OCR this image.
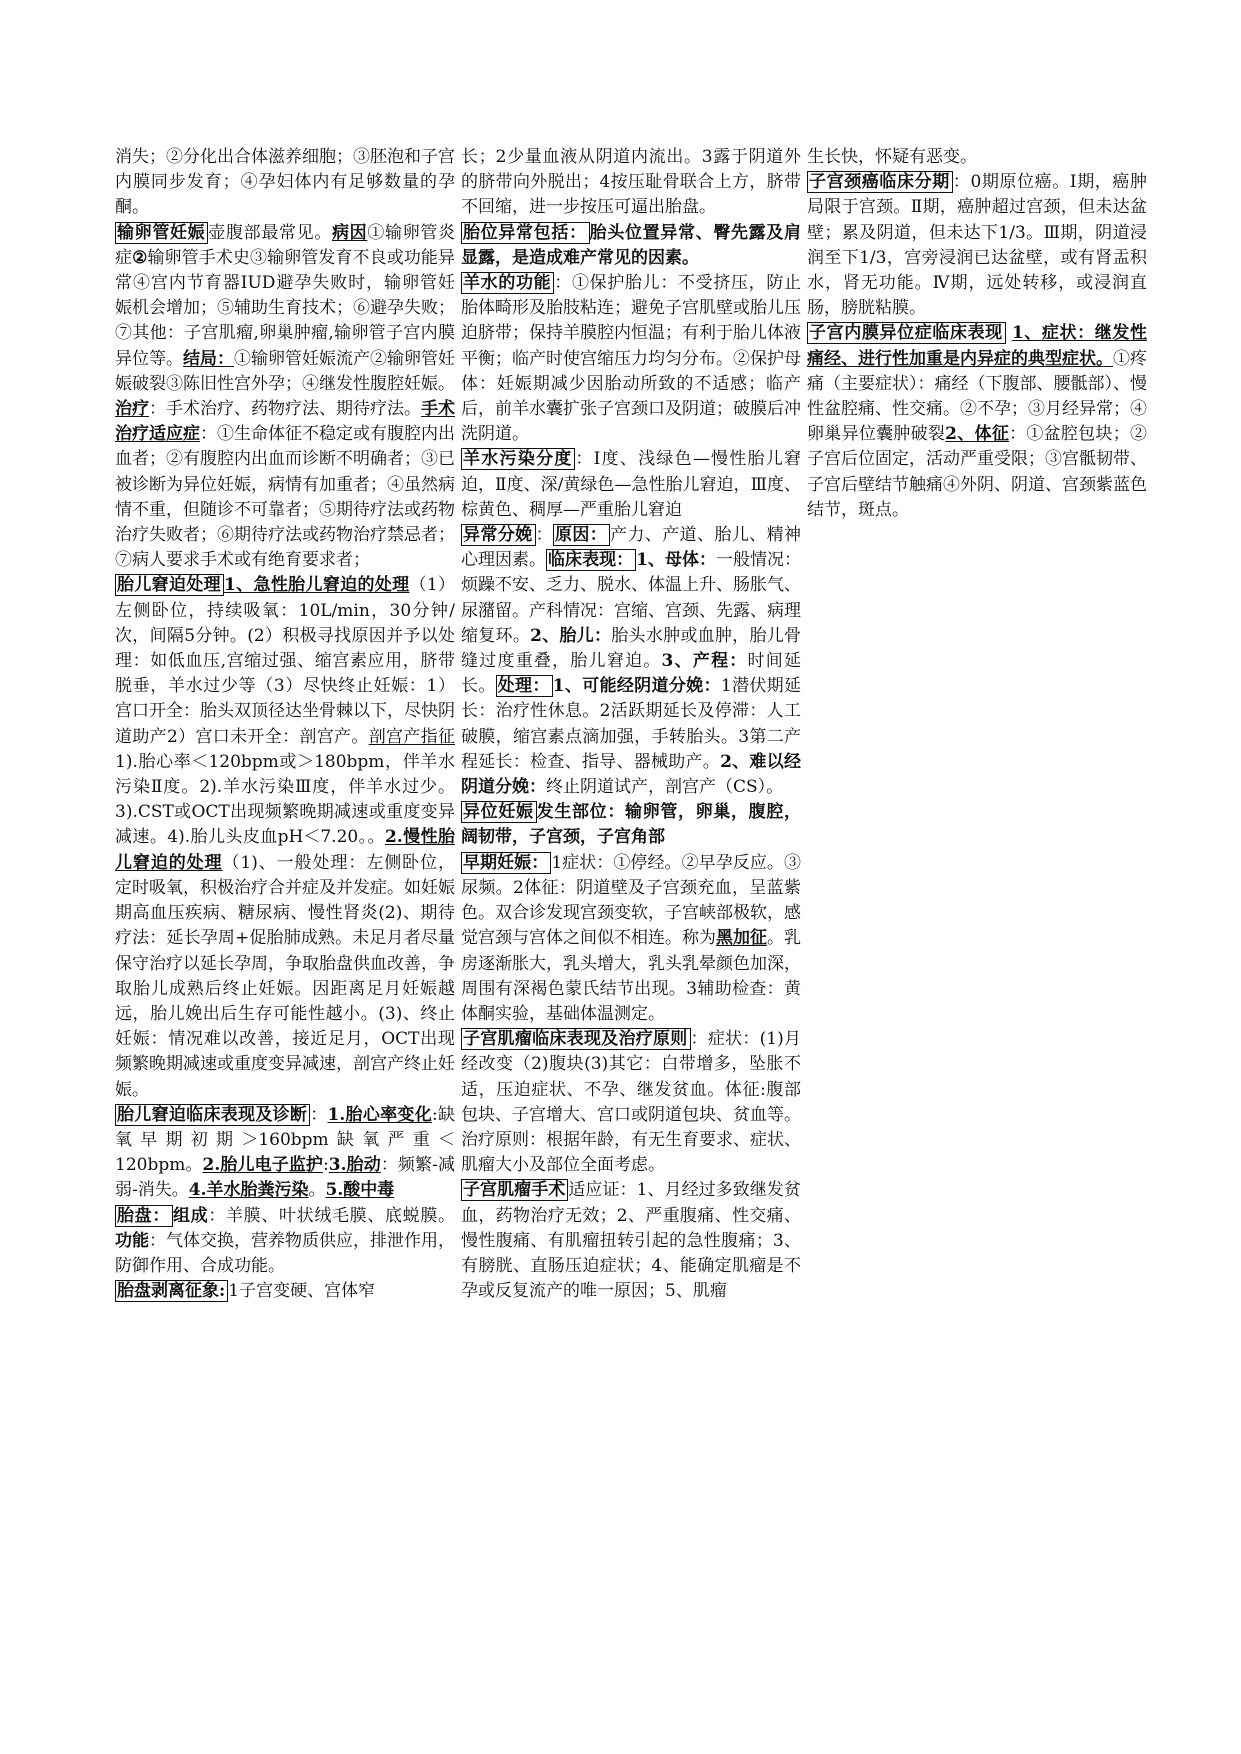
消失；②分化出合体滋养细胞；③胚泡和子宫内膜同步发育；④孕妇体内有足够数量的孕酮。

输卵管妊娠 壶腹部最常见。病因①输卵管炎症②输卵管手术史③输卵管发育不良或功能异常④宫内节育器IUD避孕失败时，输卵管妊娠机会增加；⑤辅助生育技术；⑥避孕失败；⑦其他：子宫肌瘤,卵巢肿瘤,输卵管子宫内膜异位等。结局：①输卵管妊娠流产②输卵管妊娠破裂③陈旧性宫外孕；④继发性腹腔妊娠。治疗：手术治疗、药物疗法、期待疗法。手术治疗适应症：①生命体征不稳定或有腹腔内出血者；②有腹腔内出血而诊断不明确者；③已被诊断为异位妊娠，病情有加重者；④虽然病情不重，但随诊不可靠者；⑤期待疗法或药物治疗失败者；⑥期待疗法或药物治疗禁忌者；⑦病人要求手术或有绝育要求者；

胎儿窘迫处理 1、急性胎儿窘迫的处理（1）左侧卧位，持续吸氧：10L/min，30分钟/次，间隔5分钟。(2）积极寻找原因并予以处理：如低血压,宫缩过强、缩宫素应用，脐带脱垂，羊水过少等（3）尽快终止妊娠：1）宫口开全：胎头双顶径达坐骨棘以下，尽快阴道助产2）宫口未开全：剖宫产。剖宫产指征1).胎心率＜120bpm或＞180bpm，伴羊水污染Ⅱ度。2).羊水污染Ⅲ度，伴羊水过少。3).CST或OCT出现频繁晚期减速或重度变异减速。4).胎儿头皮血pH＜7.20。。2.慢性胎儿窘迫的处理（1)、一般处理：左侧卧位，定时吸氧，积极治疗合并症及并发症。如妊娠期高血压疾病、糖尿病、慢性肾炎(2)、期待疗法：延长孕周+促胎肺成熟。未足月者尽量保守治疗以延长孕周，争取胎盘供血改善，争取胎儿成熟后终止妊娠。因距离足月妊娠越远，胎儿娩出后生存可能性越小。(3)、终止妊娠：情况难以改善，接近足月，OCT出现频繁晚期减速或重度变异减速，剖宫产终止妊娠。

胎儿窘迫临床表现及诊断 ：1.胎心率变化:缺氧早期初期＞160bpm缺氧严重＜120bpm。2.胎儿电子监护:3.胎动：频繁-减弱-消失。4.羊水胎粪污染。5.酸中毒

胎盘： 组成：羊膜、叶状绒毛膜、底蜕膜。功能：气体交换，营养物质供应，排泄作用，防御作用、合成功能。

胎盘剥离征象: 1子宫变硬、宫体窄

长；2少量血液从阴道内流出。3露于阴道外的脐带向外脱出；4按压耻骨联合上方，脐带不回缩，进一步按压可逼出胎盘。

胎位异常包括： 胎头位置异常、臀先露及肩显露，是造成难产常见的因素。

羊水的功能 ：①保护胎儿：不受挤压，防止胎体畸形及胎肢粘连；避免子宫肌壁或胎儿压迫脐带；保持羊膜腔内恒温；有利于胎儿体液平衡；临产时使宫缩压力均匀分布。②保护母体：妊娠期减少因胎动所致的不适感；临产后，前羊水囊扩张子宫颈口及阴道；破膜后冲洗阴道。

羊水污染分度 ：Ⅰ度、浅绿色—慢性胎儿窘迫，Ⅱ度、深/黄绿色—急性胎儿窘迫，Ⅲ度、棕黄色、稠厚—严重胎儿窘迫

异常分娩 ： 原因： 产力、产道、胎儿、精神心理因素。 临床表现： 1、母体：一般情况：烦躁不安、乏力、脱水、体温上升、肠胀气、尿潴留。产科情况：宫缩、宫颈、先露、病理缩复环。2、胎儿：胎头水肿或血肿，胎儿骨缝过度重叠，胎儿窘迫。3、产程：时间延长。 处理： 1、可能经阴道分娩：1潜伏期延长：治疗性休息。2活跃期延长及停滞：人工破膜，缩宫素点滴加强，手转胎头。3第二产程延长：检查、指导、器械助产。2、难以经阴道分娩：终止阴道试产，剖宫产（CS）。

异位妊娠 发生部位：输卵管，卵巢，腹腔，阔韧带，子宫颈，子宫角部

早期妊娠： 1症状：①停经。②早孕反应。③尿频。2体征：阴道壁及子宫颈充血，呈蓝紫色。双合诊发现宫颈变软，子宫峡部极软，感觉宫颈与宫体之间似不相连。称为黑加征。乳房逐渐胀大，乳头增大，乳头乳晕颜色加深，周围有深褐色蒙氏结节出现。3辅助检查：黄体酮实验，基础体温测定。

子宫肌瘤临床表现及治疗原则 ：症状：(1)月经改变（2)腹块(3)其它：白带增多，坠胀不适，压迫症状、不孕、继发贫血。体征:腹部包块、子宫增大、宫口或阴道包块、贫血等。治疗原则：根据年龄，有无生育要求、症状、肌瘤大小及部位全面考虑。

子宫肌瘤手术 适应证：1、月经过多致继发贫血，药物治疗无效；2、严重腹痛、性交痛、慢性腹痛、有肌瘤扭转引起的急性腹痛；3、有膀胱、直肠压迫症状；4、能确定肌瘤是不孕或反复流产的唯一原因；5、肌瘤

生长快，怀疑有恶变。

子宫颈癌临床分期 ：0期原位癌。Ⅰ期，癌肿局限于宫颈。Ⅱ期，癌肿超过宫颈，但未达盆壁；累及阴道，但未达下1/3。Ⅲ期，阴道浸润至下1/3，宫旁浸润已达盆壁，或有肾盂积水，肾无功能。Ⅳ期，远处转移，或浸润直肠，膀胱粘膜。

子宫内膜异位症临床表现 1、症状：继发性痛经、进行性加重是内异症的典型症状。①疼痛（主要症状）：痛经（下腹部、腰骶部）、慢性盆腔痛、性交痛。②不孕；③月经异常；④卵巢异位囊肿破裂2、体征：①盆腔包块；②子宫后位固定，活动严重受限；③宫骶韧带、子宫后壁结节触痛④外阴、阴道、宫颈紫蓝色结节，斑点。
